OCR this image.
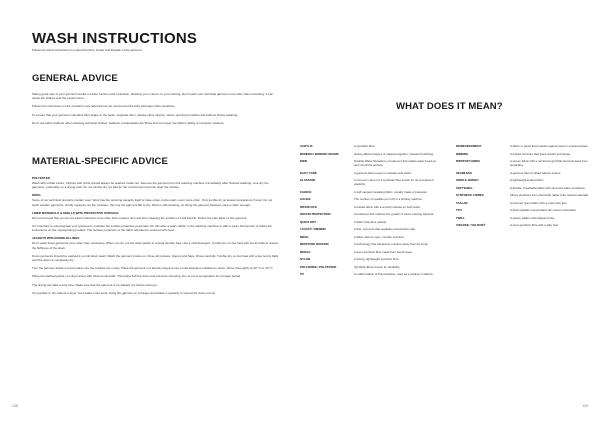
WASH INSTRUCTIONS
Follow the wash instructions to extend the fibre, shape and lifespan of the garment.
GENERAL ADVICE

Taking good care of your garment results in better function and protection, allowing you to focus on your training. Don't wash your technical garment more often than necessary; it can cause the clothes and the environment.

Follow the instructions on the product's care label and as we recommend them/by detergent (skin-sensitive).

To ensure that your garment maintains their shape in the wash, separate them, always close zippers, Velcro opening's buckles and buttons before washing.

Don't use fabric softener when washing technical clothes. Softener encapsulates the fibres and can lower the fabric's ability to transport moisture.

MATERIAL-SPECIFIC ADVICE
POLYESTER

Wash with similar colors. Clothes with prints should always be washed inside out. Remove the garment from the washing machine immediately after finished washing. Line dry the garments, preferably on a drying rack. Do not tumble dry, it's bad for the environment and can wear the clothes.

WOOL

Some of our technical products contain wool. Wool has the amazing capacity itself to have odour-in-the-wash, even more often. Only tumble dry at lowest temperature if wool. Do not wash woollen garments. Gently squeeze out the moisture, then lay the garment flat to dry. Wool is self-cleaning, so airing the garment between uses is often enough.

LINED MATERIALS & SHELLS WITH PROTECTIVE SURFACE

We recommend that you do not wash outerwear more often than needed. Sun and time cleaning the surface of it will benefit. Follow the care label on the garment.

It's important to reimpregnate your garment to maintain the surface protective properties. Do this after a wash. Either in the washing machine or with a spray. Remember to follow the instructions on the impregnating product. The surface protection of the fabric will also be restored with heat.

JACKETS WITH DOWN FILLINGS

Don't wash down garments more often than necessary. When you do, put the down jacket in a large laundry bag. Use a mild detergent. Tumble dry on low heat with tennis balls to restore the fluffiness of the down.

Down garments should be washed in a mild down wash. Wash the garment inside out. Close all pockets, zippers and flaps. Rinse carefully. Tumble dry on low heat with a few tennis balls until the down is completely dry.

Turn the garment inside out and make sure the pockets are empty. Place the garment in a laundry bag and use a mild detergent suitable for down. Rinse thoroughly at 30 °C or 40 °C.

Place the washed jacket in a dryer along with three tennis balls. This helps fluff the down and prevents clumping. Dry at a low temperature for a longer period.

The drying can take a long time. Make sure that the garment is completely dry before storing it.

It's possible to dry without a dryer, but it takes more work. Hang the garment on a hanger and shake it regularly to spread the down evenly.

WHAT DOES IT MEAN?
ACRYLIC	A synthetic fibre.
BONDED / BONDED SEAMS	Gluing different layers of material together, instead of stitching.
DWR	Durable Water Repellent, a treatment that makes water bead up and roll off the surface.
EASY CARE	A garment that is easy to maintain and wash.
ELASTANE	A common name for a synthetic fiber known for its exceptional elasticity.
FLEECE	A soft napped insulating fabric, usually made of polyester.
GAUGE	The number of needles per inch in a knitting machine.
INTERLOCK	A knitted fabric with a smooth surface on both sides.
ODOUR PROTECTION	A treatment that reduces the growth of odour-causing bacteria.
QUICK-DRY	A fabric that dries quickly.
LYCRA® / MERINO	A fine, soft wool that regulates temperature well.
MESH	A fabric with an open, net-like structure.
MOISTURE WICKING	A technology that transports moisture away from the body.
MODAL	A semi-synthetic fibre made from beech trees.
NYLON	A strong, lightweight synthetic fibre.
POLYAMIDE / POLYESTER	Synthetic fibres known for durability.
PU	An abbreviation of Polyurethane, used as a coating on fabrics.
REINFORCEMENT	A fabric or panel that protects against wear in exposed areas.
RIBBING	A knitted structure that gives stretch and shape.
RIPSTOP FABRIC	A woven fabric with a reinforced grid that prevents tears from spreading.
SEAMLESS	A garment that is knitted without seams.
SINGLE JERSEY	A lightweight knitted fabric.
SOFTSHELL	A flexible, breathable fabric with wind and water resistance.
SYNTHETIC FIBRES	Fibres produced from chemicals rather than natural materials.
TASLAN	A textured nylon fabric with a cotton-like feel.
TPU	A thermoplastic polyurethane film used in laminates.
TWILL	A weave pattern with diagonal ribs.
VISCOSE / VELOUR®	A semi-synthetic fibre with a silky feel.
128	129
